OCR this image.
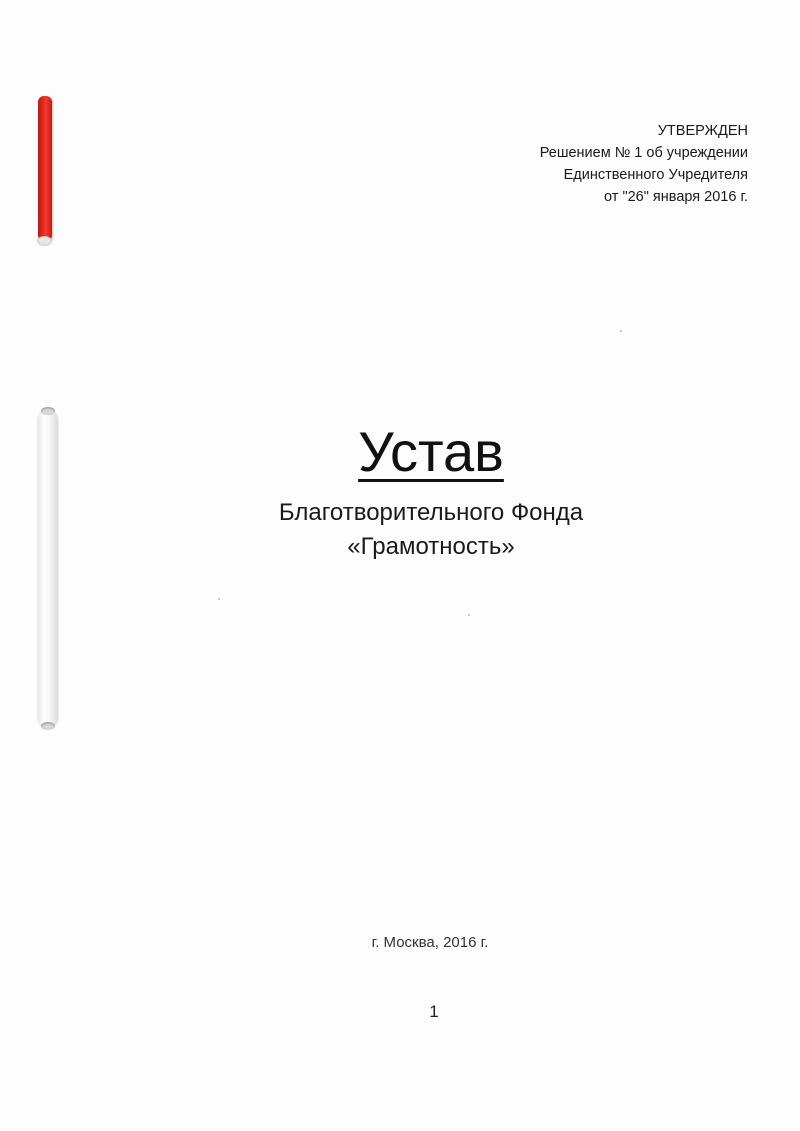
УТВЕРЖДЕН
Решением № 1 об учреждении
Единственного Учредителя
от "26" января 2016 г.
Устав
Благотворительного Фонда
«Грамотность»
г. Москва, 2016 г.
1
